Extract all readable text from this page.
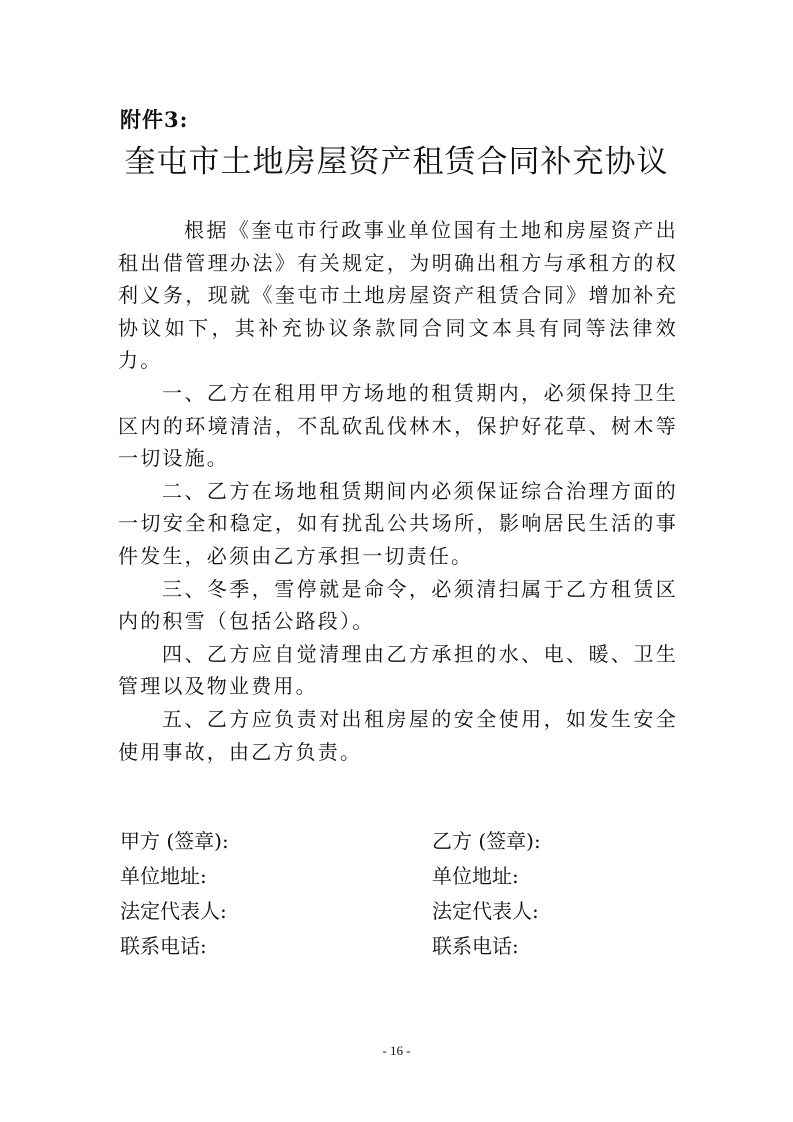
附件3:
奎屯市土地房屋资产租赁合同补充协议

根据《奎屯市行政事业单位国有土地和房屋资产出租出借管理办法》有关规定，为明确出租方与承租方的权利义务，现就《奎屯市土地房屋资产租赁合同》增加补充协议如下，其补充协议条款同合同文本具有同等法律效力。

一、乙方在租用甲方场地的租赁期内，必须保持卫生区内的环境清洁，不乱砍乱伐林木，保护好花草、树木等一切设施。

二、乙方在场地租赁期间内必须保证综合治理方面的一切安全和稳定，如有扰乱公共场所，影响居民生活的事件发生，必须由乙方承担一切责任。

三、冬季，雪停就是命令，必须清扫属于乙方租赁区内的积雪（包括公路段）。

四、乙方应自觉清理由乙方承担的水、电、暖、卫生管理以及物业费用。

五、乙方应负责对出租房屋的安全使用，如发生安全使用事故，由乙方负责。

甲方 (签章):	乙方 (签章):
单位地址:	单位地址:
法定代表人:	法定代表人:
联系电话:	联系电话:
- 16 -
